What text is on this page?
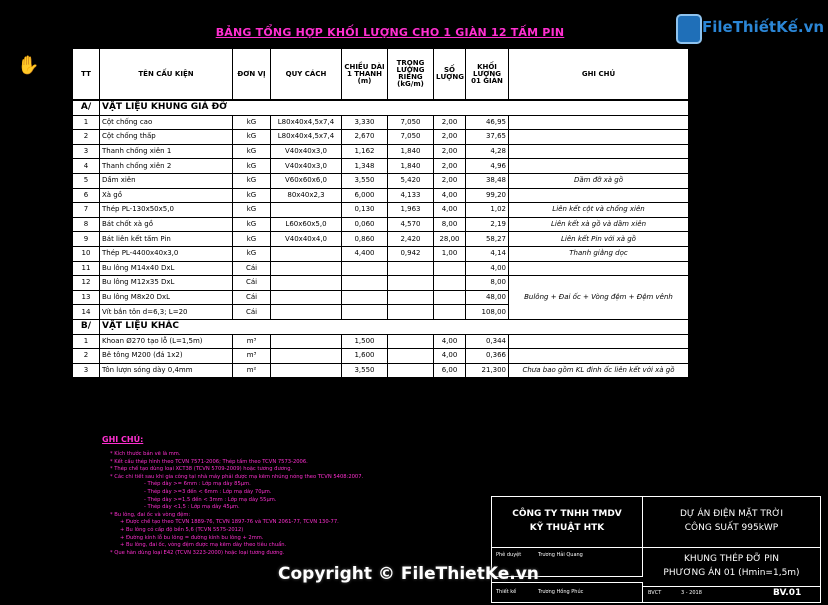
BẢNG TỔNG HỢP KHỐI LƯỢNG CHO 1 GIÀN 12 TẤM PIN	FileThiếtKế.vn
✋	TT	TÊN CẤU KIỆN	ĐƠN VỊ	QUY CÁCH	CHIỀU DÀI 1 THANH (m)	TRỌNG LƯỢNG RIÊNG (kG/m)	SỐ LƯỢNG	KHỐI LƯỢNG 01 GIÀN	GHI CHÚ
A/	VẬT LIỆU KHUNG GIÁ ĐỠ							
1	Cột chống cao	kG	L80x40x4,5x7,4	3,330	7,050	2,00	46,95	
2	Cột chống thấp	kG	L80x40x4,5x7,4	2,670	7,050	2,00	37,65	
3	Thanh chống xiên 1	kG	V40x40x3,0	1,162	1,840	2,00	4,28	
4	Thanh chống xiên 2	kG	V40x40x3,0	1,348	1,840	2,00	4,96	
5	Dầm xiên	kG	V60x60x6,0	3,550	5,420	2,00	38,48	Dầm đỡ xà gồ
6	Xà gồ	kG	80x40x2,3	6,000	4,133	4,00	99,20	
7	Thép PL-130x50x5,0	kG		0,130	1,963	4,00	1,02	Liên kết cột và chống xiên
8	Bát chốt xà gồ	kG	L60x60x5,0	0,060	4,570	8,00	2,19	Liên kết xà gồ và dầm xiên
9	Bát liên kết tấm Pin	kG	V40x40x4,0	0,860	2,420	28,00	58,27	Liên kết Pin với xà gồ
10	Thép PL-4400x40x3,0	kG		4,400	0,942	1,00	4,14	Thanh giằng dọc
11	Bu lông M14x40 DxL	Cái					4,00	
12	Bu lông M12x35 DxL	Cái					8,00	Bulông + Đai ốc + Vòng đệm + Đệm vênh
13	Bu lông M8x20 DxL	Cái					48,00	
14	Vít bắn tôn d=6,3; L=20	Cái					108,00	
B/	VẬT LIỆU KHÁC							
1	Khoan Ø270 tạo lỗ (L=1,5m)	m³		1,500		4,00	0,344	
2	Bê tông M200 (đá 1x2)	m³		1,600		4,00	0,366	
3	Tôn lượn sóng dày 0,4mm	m²		3,550		6,00	21,300	Chưa bao gồm KL đinh ốc liên kết với xà gồ
GHI CHÚ:
* Kích thước bản vẽ là mm.
* Kết cấu thép hình theo TCVN 7571-2006; Thép tấm theo TCVN 7573-2006.
* Thép chế tạo dùng loại XCT38 (TCVN 5709-2009) hoặc tương đương.
* Các chi tiết sau khi gia công tại nhà máy phải được mạ kẽm nhúng nóng theo TCVN 5408:2007.
- Thép dày >= 6mm : Lớp mạ dày 85µm.
- Thép dày >=3 đến < 6mm : Lớp mạ dày 70µm.
- Thép dày >=1,5 đến < 3mm : Lớp mạ dày 55µm.
- Thép dày <1,5 : Lớp mạ dày 45µm.
* Bu lông, đai ốc và vòng đệm:
+ Được chế tạo theo TCVN 1889-76, TCVN 1897-76 và TCVN 2061-77, TCVN 130-77.
+ Bu lông có cấp độ bền 5,6 (TCVN 5575-2012)
+ Đường kính lỗ bu lông = đường kính bu lông + 2mm.
+ Bu lông, đai ốc, vòng đệm được mạ kẽm dày theo tiêu chuẩn.
* Que hàn dùng loại E42 (TCVN 3223-2000) hoặc loại tương đương.
CÔNG TY TNHH TMDV
KỸ THUẬT HTK
DỰ ÁN ĐIỆN MẶT TRỜI
CÔNG SUẤT 995kWP
Phê duyệt	Trương Hải Quang	KHUNG THÉP ĐỠ PIN
PHƯƠNG ÁN 01 (Hmin=1,5m)
Thiết kế	Trương Hồng Phúc	BVCT	3 - 2018	BV.01
Copyright © FileThietKe.vn
